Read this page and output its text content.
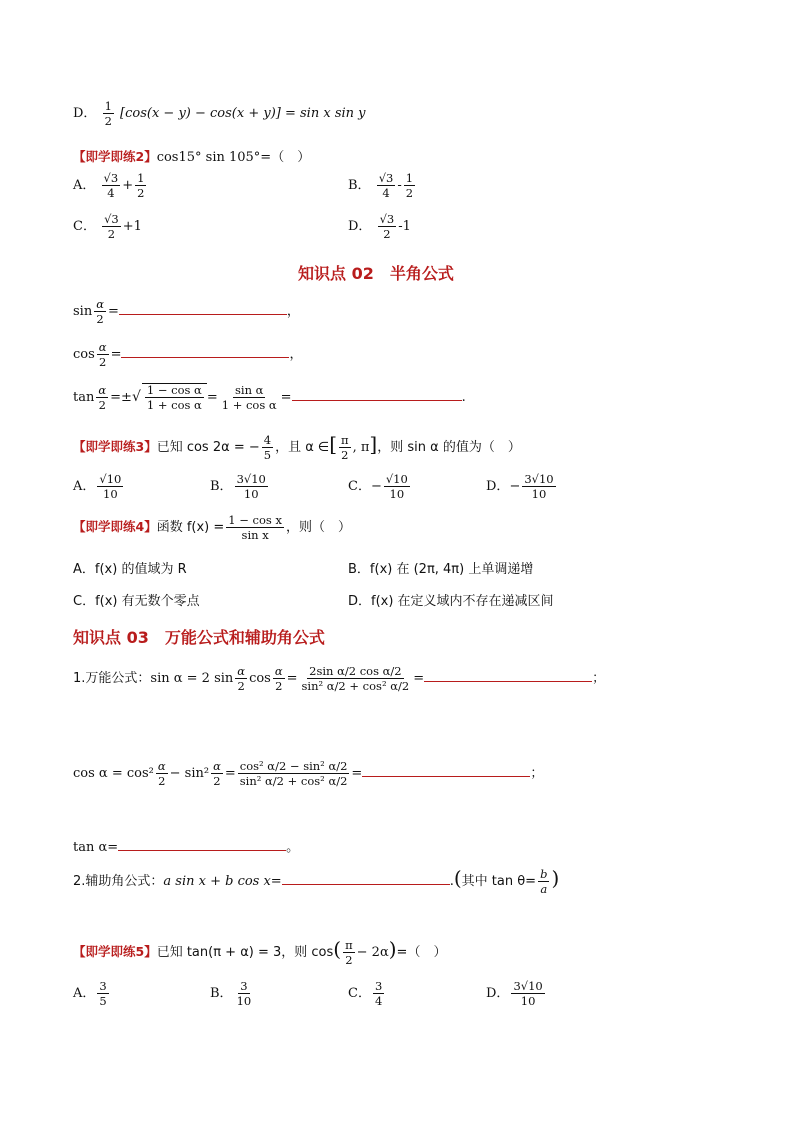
D． $\frac{1}{2} [\cos(x - y) - \cos(x + y)] = \sin x$ sin y
【即学即练2】cos15° sin 105°=（　）
A． $\frac{√3}{4} + \frac{1}{2}$	B． $\frac{√3}{4} - \frac{1}{2}$
C． $\frac{√3}{2} +1$	D． $\frac{√3}{2} -1$
知识点 02　半角公式
$\sin \frac{\alpha}{2}$ =	，
$\cos \frac{\alpha}{2}$ =	，
$\tan \frac{\alpha}{2}$ =±√ $\frac{\text{1 − cos α}}{\text{1 + cos α}} = \frac{\text{sin α}}{\text{1 + cos α}}$ =	.
【即学即练3】已知 cos 2α = − $\frac{4}{5}$ ，且 α ∈[ $\frac{\pi}{2}$ , π]，则 sin α 的值为（　）
A． $\frac{√10}{10}$	B． $\frac{3√10}{10}$	C．− $\frac{√10}{10}$	D．− $\frac{3√10}{10}$
【即学即练4】函数 $f(x) = \frac{\text{1 − cos x}}{\text{sin x}}$ ，则（　）
A．f(x) 的值域为 R	B．f(x) 在 (2π, 4π) 上单调递增
C．f(x) 有无数个零点	D．f(x) 在定义域内不存在递减区间
知识点 03　万能公式和辅助角公式
1.万能公式：sin α = 2 $\sin \frac{\alpha}{2}$ $\cos \frac{\alpha}{2} = \frac{\text{2sin α/2 cos α/2}}{\text{sin² α/2 + cos² α/2}}$ =	；
$\cos \alpha = \cos^2 \frac{\alpha}{2} - \sin^2 \frac{\alpha}{2} = \frac{\text{cos² α/2 − sin² α/2}}{\text{sin² α/2 + cos² α/2}}$ =	；
tan α=	。
2.辅助角公式：a sin x + b cos x=	.(其中 $\tan \theta= \frac{b}{a}$ )
【即学即练5】已知 tan(π + α) = 3，则 $\cos( \frac{\pi}{2} - 2\alpha)=$（　）
A． $\frac{3}{5}$	B． $\frac{3}{10}$	C． $\frac{3}{4}$	D． $\frac{3√10}{10}$
